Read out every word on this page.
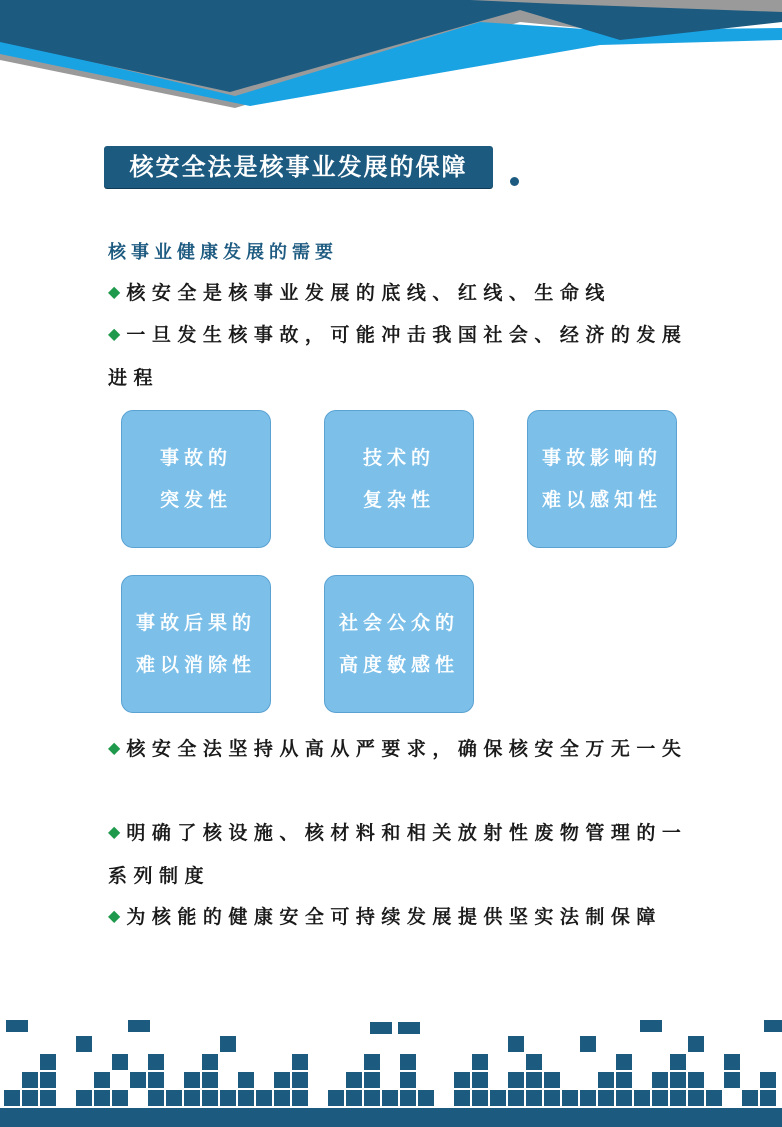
核安全法是核事业发展的保障
核事业健康发展的需要
◆ 核安全是核事业发展的底线、红线、生命线
◆ 一旦发生核事故，可能冲击我国社会、经济的发展进程
事故的
突发性
技术的
复杂性
事故影响的
难以感知性
事故后果的
难以消除性
社会公众的
高度敏感性
◆ 核安全法坚持从高从严要求，确保核安全万无一失
◆ 明确了核设施、核材料和相关放射性废物管理的一系列制度
◆ 为核能的健康安全可持续发展提供坚实法制保障
